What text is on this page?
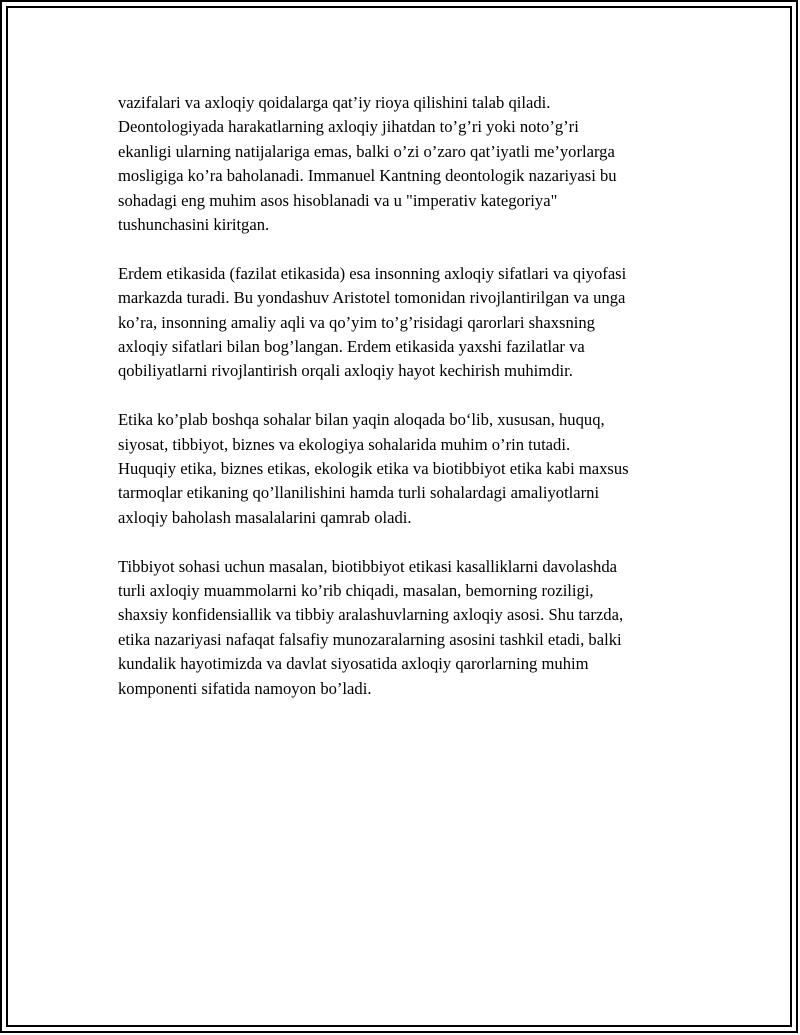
vazifalari va axloqiy qoidalarga qat’iy rioya qilishini talab qiladi.
Deontologiyada harakatlarning axloqiy jihatdan to’g’ri yoki noto’g’ri
ekanligi ularning natijalariga emas, balki o’zi o’zaro qat’iyatli me’yorlarga
mosligiga ko’ra baholanadi. Immanuel Kantning deontologik nazariyasi bu
sohadagi eng muhim asos hisoblanadi va u "imperativ kategoriya"
tushunchasini kiritgan.

Erdem etikasida (fazilat etikasida) esa insonning axloqiy sifatlari va qiyofasi
markazda turadi. Bu yondashuv Aristotel tomonidan rivojlantirilgan va unga
ko’ra, insonning amaliy aqli va qo’yim to’g’risidagi qarorlari shaxsning
axloqiy sifatlari bilan bog’langan. Erdem etikasida yaxshi fazilatlar va
qobiliyatlarni rivojlantirish orqali axloqiy hayot kechirish muhimdir.

Etika ko’plab boshqa sohalar bilan yaqin aloqada bo‘lib, xususan, huquq,
siyosat, tibbiyot, biznes va ekologiya sohalarida muhim o’rin tutadi.
Huquqiy etika, biznes etikas, ekologik etika va biotibbiyot etika kabi maxsus
tarmoqlar etikaning qo’llanilishini hamda turli sohalardagi amaliyotlarni
axloqiy baholash masalalarini qamrab oladi.

Tibbiyot sohasi uchun masalan, biotibbiyot etikasi kasalliklarni davolashda
turli axloqiy muammolarni ko’rib chiqadi, masalan, bemorning roziligi,
shaxsiy konfidensiallik va tibbiy aralashuvlarning axloqiy asosi. Shu tarzda,
etika nazariyasi nafaqat falsafiy munozaralarning asosini tashkil etadi, balki
kundalik hayotimizda va davlat siyosatida axloqiy qarorlarning muhim
komponenti sifatida namoyon bo’ladi.
